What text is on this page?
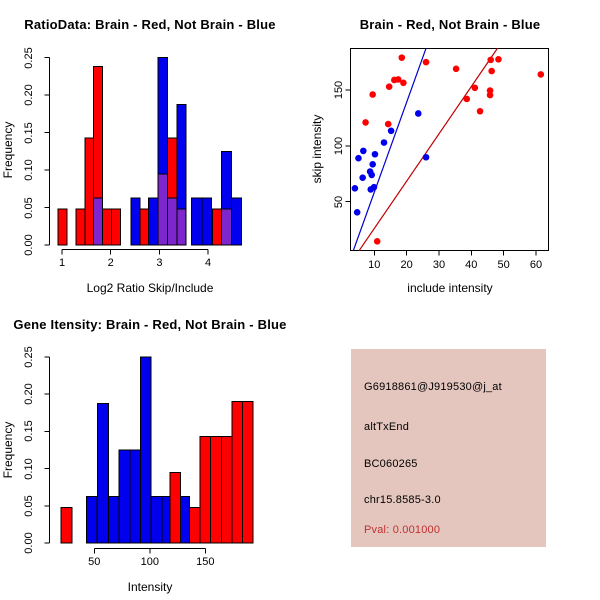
RatioData: Brain - Red, Not Brain - Blue	Brain - Red, Not Brain - Blue
Gene Itensity: Brain - Red, Not Brain - Blue
Log2 Ratio Skip/Include
Frequency
include intensity
skip intensity
Intensity
Frequency
G6918861@J919530@j_at
altTxEnd
BC060265
chr15.8585-3.0
Pval: 0.001000
0.00
0.05
0.10
0.15
0.20
0.25
1	2	3	4
0.00
0.05
0.10
0.15
0.20
0.25
50	100	150
10 20 30 40 50 60
50
100
150
